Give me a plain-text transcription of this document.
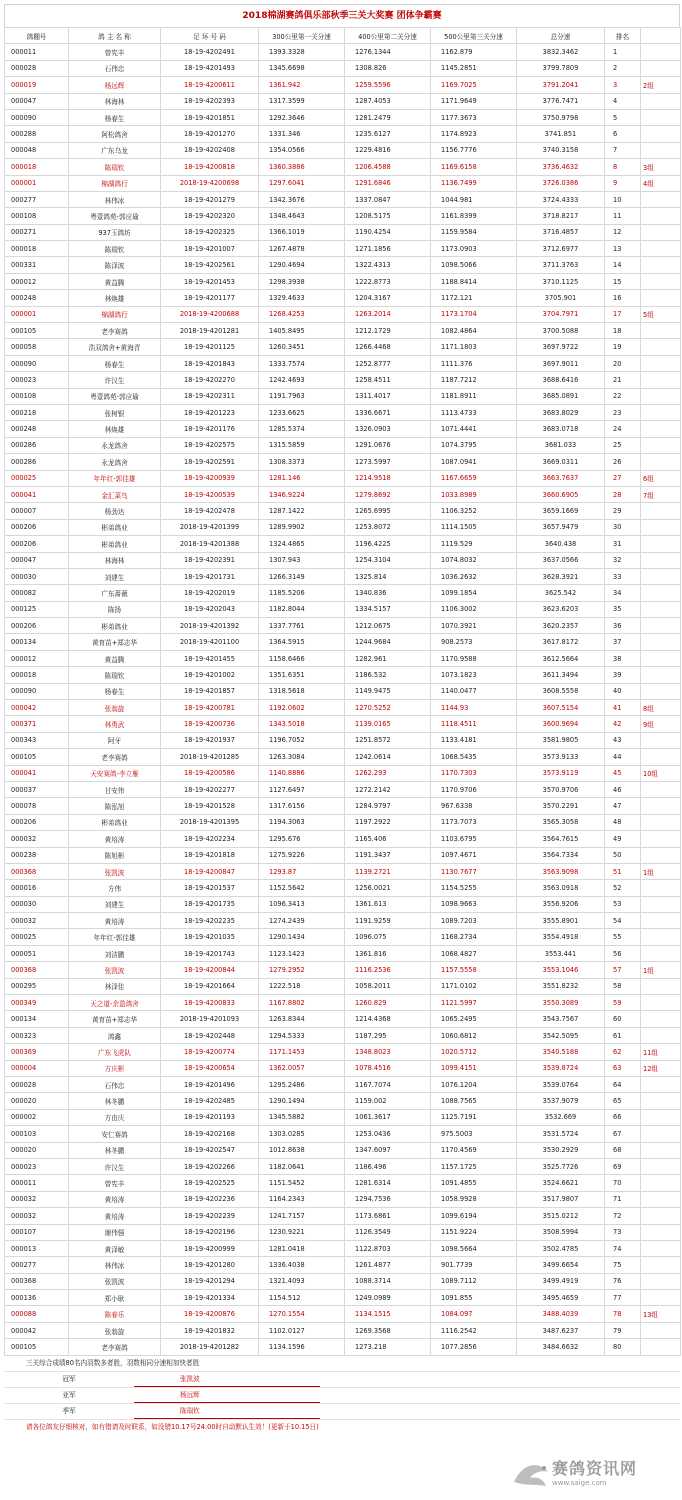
2018棉湖赛鸽俱乐部秋季三关大奖赛 团体争霸赛
鸽棚号	鸽 主 名 称	足 环 号 码	300公里第一关分速	400公里第二关分速	500公里第三关分速	总分速	排名	
000011	曾宪丰	18-19-4202491	1393.3328	1276.1344	1162.879	3832.3462	1	
000028	石伟忠	18-19-4201493	1345.6698	1308.826	1145.2851	3799.7809	2	
000019	杨远辉	18-19-4200611	1361.942	1259.5596	1169.7025	3791.2041	3	2组
000047	林海林	18-19-4202393	1317.3599	1287.4053	1171.9649	3776.7471	4	
000090	杨春生	18-19-4201851	1292.3646	1281.2479	1177.3673	3750.9798	5	
000288	阿松鸽舍	18-19-4201270	1331.346	1235.6127	1174.8923	3741.851	6	
000048	广东乌龙	18-19-4202408	1354.0566	1229.4816	1156.7776	3740.3158	7	
000018	陈瑞钦	18-19-4200818	1360.3886	1206.4588	1169.6158	3736.4632	8	3组
000001	棉湖鸽行	2018-19-4200698	1297.6041	1291.6846	1136.7499	3726.0386	9	4组
000277	林伟冰	18-19-4201279	1342.3676	1337.0847	1044.981	3724.4333	10	
000108	粤壹鸽苑-郭应瑜	18-19-4202320	1348.4643	1208.5175	1161.8399	3718.8217	11	
000271	937玉鸽坊	18-19-4202325	1366.1019	1190.4254	1159.9584	3716.4857	12	
000018	陈瑞钦	18-19-4201007	1267.4878	1271.1856	1173.0903	3712.6977	13	
000331	陈泽波	18-19-4202561	1290.4694	1322.4313	1098.5066	3711.3763	14	
000012	黄益腾	18-19-4201453	1298.3938	1222.8773	1188.8414	3710.1125	15	
000248	林焕雄	18-19-4201177	1329.4633	1204.3167	1172.121	3705.901	16	
000001	棉湖鸽行	2018-19-4200688	1268.4253	1263.2014	1173.1704	3704.7971	17	5组
000105	老李赛鸽	2018-19-4201281	1405.8495	1212.1729	1082.4864	3700.5088	18	
000058	浩双鸽舍+黄海青	18-19-4201125	1260.3451	1266.4468	1171.1803	3697.9722	19	
000090	杨春生	18-19-4201843	1333.7574	1252.8777	1111.376	3697.9011	20	
000023	许汉生	18-19-4202270	1242.4693	1258.4511	1187.7212	3688.6416	21	
000108	粤壹鸽苑-郭应瑜	18-19-4202311	1191.7963	1311.4017	1181.8911	3685.0891	22	
000218	张树银	18-19-4201223	1233.6625	1336.6671	1113.4733	3683.8029	23	
000248	林焕雄	18-19-4201176	1285.5374	1326.0903	1071.4441	3683.0718	24	
000286	永龙鸽舍	18-19-4202575	1315.5859	1291.0676	1074.3795	3681.033	25	
000286	永龙鸽舍	18-19-4202591	1308.3373	1273.5997	1087.0941	3669.0311	26	
000025	年年红-郭佳雄	18-19-4200939	1281.146	1214.9518	1167.6659	3663.7637	27	6组
000041	金汇菜鸟	18-19-4200539	1346.9224	1279.8692	1033.8989	3660.6905	28	7组
000007	杨劲达	18-19-4202478	1287.1422	1265.6995	1106.3252	3659.1669	29	
000206	彬弟鸽业	2018-19-4201399	1289.9902	1253.8072	1114.1505	3657.9479	30	
000206	彬弟鸽业	2018-19-4201388	1324.4865	1196.4225	1119.529	3640.438	31	
000047	林海林	18-19-4202391	1307.943	1254.3104	1074.8032	3637.0566	32	
000030	刘建生	18-19-4201731	1266.3149	1325.814	1036.2632	3628.3921	33	
000082	广东蔷薇	18-19-4202019	1185.5206	1340.836	1099.1854	3625.542	34	
000125	陈扬	18-19-4202043	1182.8044	1334.5157	1106.3002	3623.6203	35	
000206	彬弟鸽业	2018-19-4201392	1337.7761	1212.0675	1070.3921	3620.2357	36	
000134	黄育苗+郑志华	2018-19-4201100	1364.5915	1244.9684	908.2573	3617.8172	37	
000012	黄益腾	18-19-4201455	1158.6466	1282.961	1170.9588	3612.5664	38	
000018	陈瑞钦	18-19-4201002	1351.6351	1186.532	1073.1823	3611.3494	39	
000090	杨春生	18-19-4201857	1318.5618	1149.9475	1140.0477	3608.5558	40	
000042	张翁旋	18-19-4200781	1192.0602	1270.5252	1144.93	3607.5154	41	8组
000371	林勇武	18-19-4200736	1343.5018	1139.0165	1118.4511	3600.9694	42	9组
000343	阿牙	18-19-4201937	1196.7052	1251.8572	1133.4181	3581.9805	43	
000105	老李赛鸽	2018-19-4201285	1263.3084	1242.0614	1068.5435	3573.9133	44	
000041	天安赛鸽-李立雁	18-19-4200586	1140.8886	1262.293	1170.7303	3573.9119	45	10组
000037	甘安伟	18-19-4202277	1127.6497	1272.2142	1170.9706	3570.9706	46	
000078	陈泓旭	18-19-4201528	1317.6156	1284.9797	967.6338	3570.2291	47	
000206	彬弟鸽业	2018-19-4201395	1194.3063	1197.2922	1173.7073	3565.3058	48	
000032	黄培涛	18-19-4202234	1295.676	1165.406	1103.6795	3564.7615	49	
000238	陈旭彬	18-19-4201818	1275.9226	1191.3437	1097.4671	3564.7334	50	
000368	张凯波	18-19-4200847	1293.87	1139.2721	1130.7677	3563.9098	51	1组
000016	方伟	18-19-4201537	1152.5642	1256.0021	1154.5255	3563.0918	52	
000030	刘建生	18-19-4201735	1096.3413	1361.613	1098.9663	3556.9206	53	
000032	黄培涛	18-19-4202235	1274.2439	1191.9259	1089.7203	3555.8901	54	
000025	年年红-郭佳雄	18-19-4201035	1290.1434	1096.075	1168.2734	3554.4918	55	
000051	刘洁鹏	18-19-4201743	1123.1423	1361.816	1068.4827	3553.441	56	
000368	张凯波	18-19-4200844	1279.2952	1116.2536	1157.5558	3553.1046	57	1组
000295	林泽佳	18-19-4201664	1222.518	1058.2011	1171.0102	3551.8232	58	
000349	天之道-余盈鸽舍	18-19-4200833	1167.8802	1260.829	1121.5997	3550.3089	59	
000134	黄育苗+郑志华	2018-19-4201093	1263.8344	1214.4368	1065.2495	3543.7567	60	
000323	鸿鑫	18-19-4202448	1294.5333	1187.295	1060.6812	3542.5095	61	
000369	广东飞虎队	18-19-4200774	1171.1453	1348.8023	1020.5712	3540.5188	62	11组
000004	方庆彬	18-19-4200654	1362.0057	1078.4516	1099.4151	3539.8724	63	12组
000028	石伟忠	18-19-4201496	1295.2486	1167.7074	1076.1204	3539.0764	64	
000020	林冬鹏	18-19-4202485	1290.1494	1159.002	1088.7565	3537.9079	65	
000002	方由庆	18-19-4201193	1345.5882	1061.3617	1125.7191	3532.669	66	
000103	安仁赛鸽	18-19-4202168	1303.0285	1253.0436	975.5003	3531.5724	67	
000020	林冬鹏	18-19-4202547	1012.8638	1347.6097	1170.4569	3530.2929	68	
000023	许汉生	18-19-4202266	1182.0641	1186.496	1157.1725	3525.7726	69	
000011	曾宪丰	18-19-4202525	1151.5452	1281.6314	1091.4855	3524.6621	70	
000032	黄培涛	18-19-4202236	1164.2343	1294.7536	1058.9928	3517.9807	71	
000032	黄培涛	18-19-4202239	1241.7157	1173.6861	1099.6194	3515.0212	72	
000107	谢伟强	18-19-4202196	1230.9221	1126.3549	1151.9224	3508.5994	73	
000013	黄泽敏	18-19-4200999	1281.0418	1122.8703	1098.5664	3502.4785	74	
000277	林伟冰	18-19-4201280	1336.4038	1261.4877	901.7739	3499.6654	75	
000368	张凯波	18-19-4201294	1321.4093	1088.3714	1089.7112	3499.4919	76	
000136	郑小耿	18-19-4201334	1154.512	1249.0989	1091.855	3495.4659	77	
000088	陈春乐	18-19-4200876	1270.1554	1134.1515	1084.097	3488.4039	78	13组
000042	张翁旋	18-19-4201832	1102.0127	1269.3568	1116.2542	3487.6237	79	
000105	老李赛鸽	2018-19-4201282	1134.1596	1273.218	1077.2856	3484.6632	80	
三关综合成绩80名内羽数多者胜，羽数相同分速相加快者胜
冠军	张凯波
亚军	杨远辉
季军	陈瑞钦
请各位鸽友仔细核对，如有错请及时联系，如没错10.17号24:00时自动默认生效！(更新于10.15日)
赛鸽资讯网
www.saige.com
